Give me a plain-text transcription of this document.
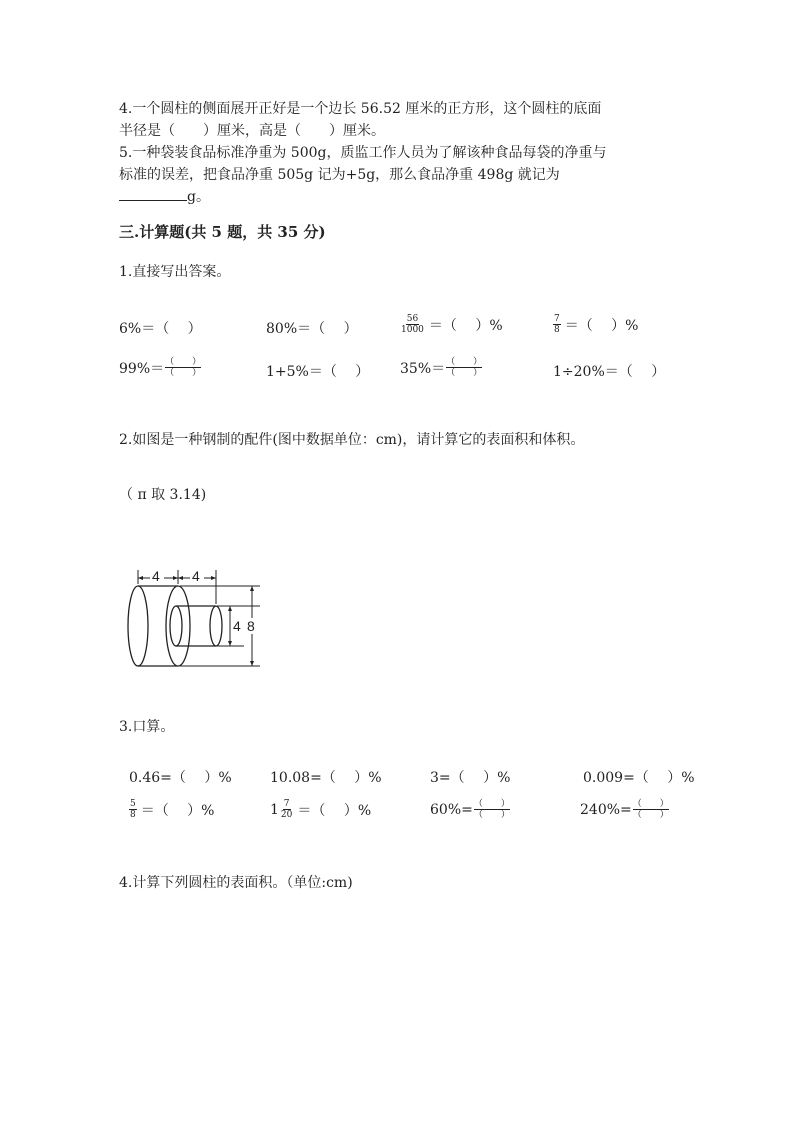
4.一个圆柱的侧面展开正好是一个边长 56.52 厘米的正方形，这个圆柱的底面
半径是（　　）厘米，高是（　　）厘米。
5.一种袋装食品标准净重为 500g，质监工作人员为了解该种食品每袋的净重与
标准的误差，把食品净重 505g 记为+5g，那么食品净重 498g 就记为
g。
三.计算题(共 5 题，共 35 分)
1.直接写出答案。
6%＝（　 ）	80%＝（　 ）	$\frac{56}{1000}$ ＝（　 ）%	$\frac{7}{8}$ ＝（　 ）%
$99\%= \frac{( )}{( )}$	1+5%＝（　 ） $35\%= \frac{( )}{( )}$	1÷20%＝（　 ）
2.如图是一种钢制的配件(图中数据单位：cm)，请计算它的表面积和体积。
（ π 取 3.14)
4 4
4 8
3.口算。
0.46=（　 ）%	10.08=（　 ）%	3=（　 ）%	0.009=（　 ）%
$\frac{5}{8}$ ＝（　 ）%	$1 \frac{7}{20}$ ＝（　 ）%	$60\%= \frac{( )}{( )}$	$240\%= \frac{( )}{( )}$
4.计算下列圆柱的表面积。（单位:cm)
